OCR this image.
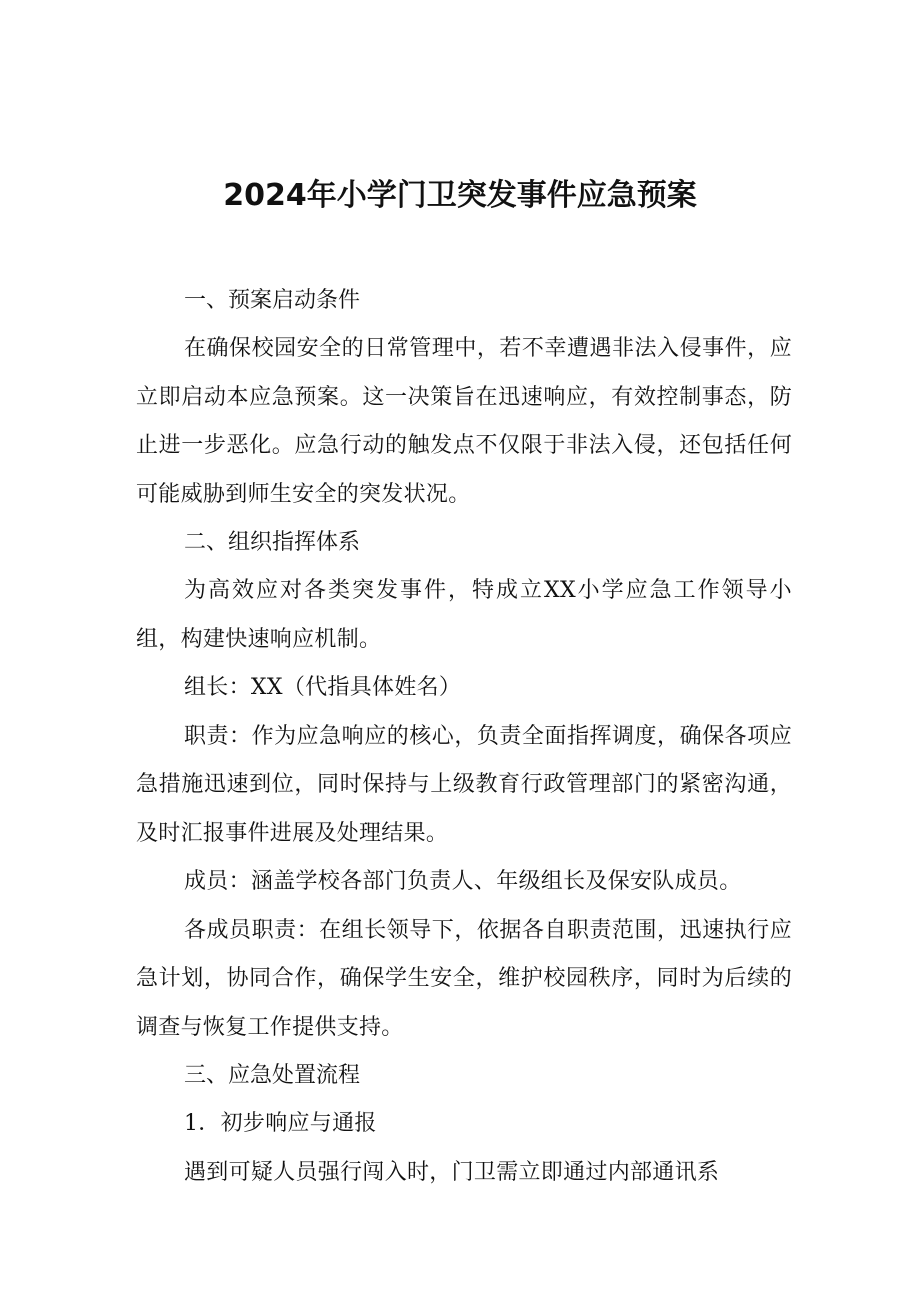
2024年小学门卫突发事件应急预案
一、预案启动条件

在确保校园安全的日常管理中，若不幸遭遇非法入侵事件，应立即启动本应急预案。这一决策旨在迅速响应，有效控制事态，防止进一步恶化。应急行动的触发点不仅限于非法入侵，还包括任何可能威胁到师生安全的突发状况。

二、组织指挥体系

为高效应对各类突发事件，特成立XX小学应急工作领导小组，构建快速响应机制。

组长：XX（代指具体姓名）

职责：作为应急响应的核心，负责全面指挥调度，确保各项应急措施迅速到位，同时保持与上级教育行政管理部门的紧密沟通，及时汇报事件进展及处理结果。

成员：涵盖学校各部门负责人、年级组长及保安队成员。

各成员职责：在组长领导下，依据各自职责范围，迅速执行应急计划，协同合作，确保学生安全，维护校园秩序，同时为后续的调查与恢复工作提供支持。

三、应急处置流程

1．初步响应与通报

遇到可疑人员强行闯入时，门卫需立即通过内部通讯系
